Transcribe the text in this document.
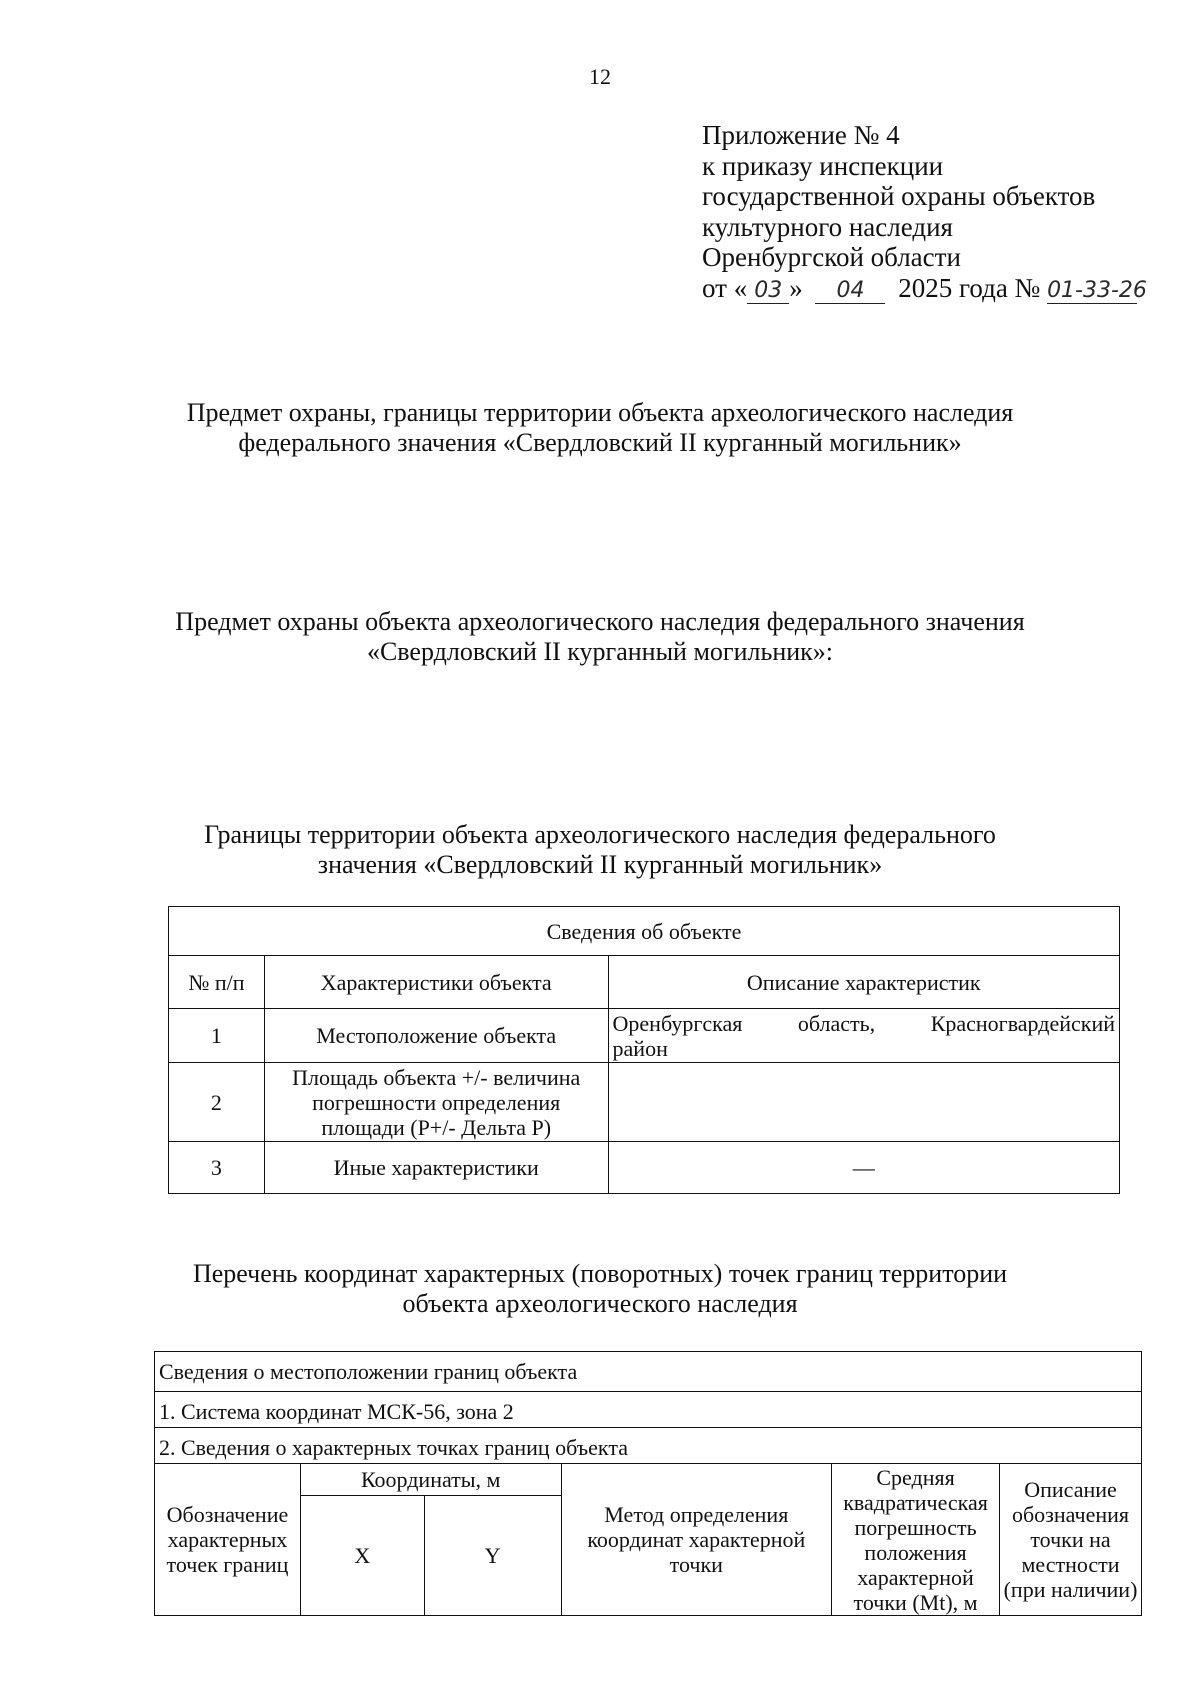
12
Приложение № 4
к приказу инспекции
государственной охраны объектов
культурного наследия
Оренбургской области
от « 03 » 04 2025 года № 01-33-26
Предмет охраны, границы территории объекта археологического наследия
федерального значения «Свердловский II курганный могильник»
Предмет охраны объекта археологического наследия федерального значения
«Свердловский II курганный могильник»:
Границы территории объекта археологического наследия федерального
значения «Свердловский II курганный могильник»
Сведения об объекте		
№ п/п	Характеристики объекта	Описание характеристик
1	Местоположение объекта	Оренбургская область, Красногвардейский
район

2	Площадь объекта +/- величина
погрешности определения
площади (P+/- Дельта P)	

3	Иные характеристики	—
Перечень координат характерных (поворотных) точек границ территории
объекта археологического наследия
Сведения о местоположении границ объекта					
1. Система координат МСК-56, зона 2					
2. Сведения о характерных точках границ объекта					
Обозначение характерных точек границ	Координаты, м		Метод определения координат характерной точки	Средняя квадратическая погрешность положения характерной точки (Mt), м	Описание обозначения точки на местности (при наличии)
	X	Y			
